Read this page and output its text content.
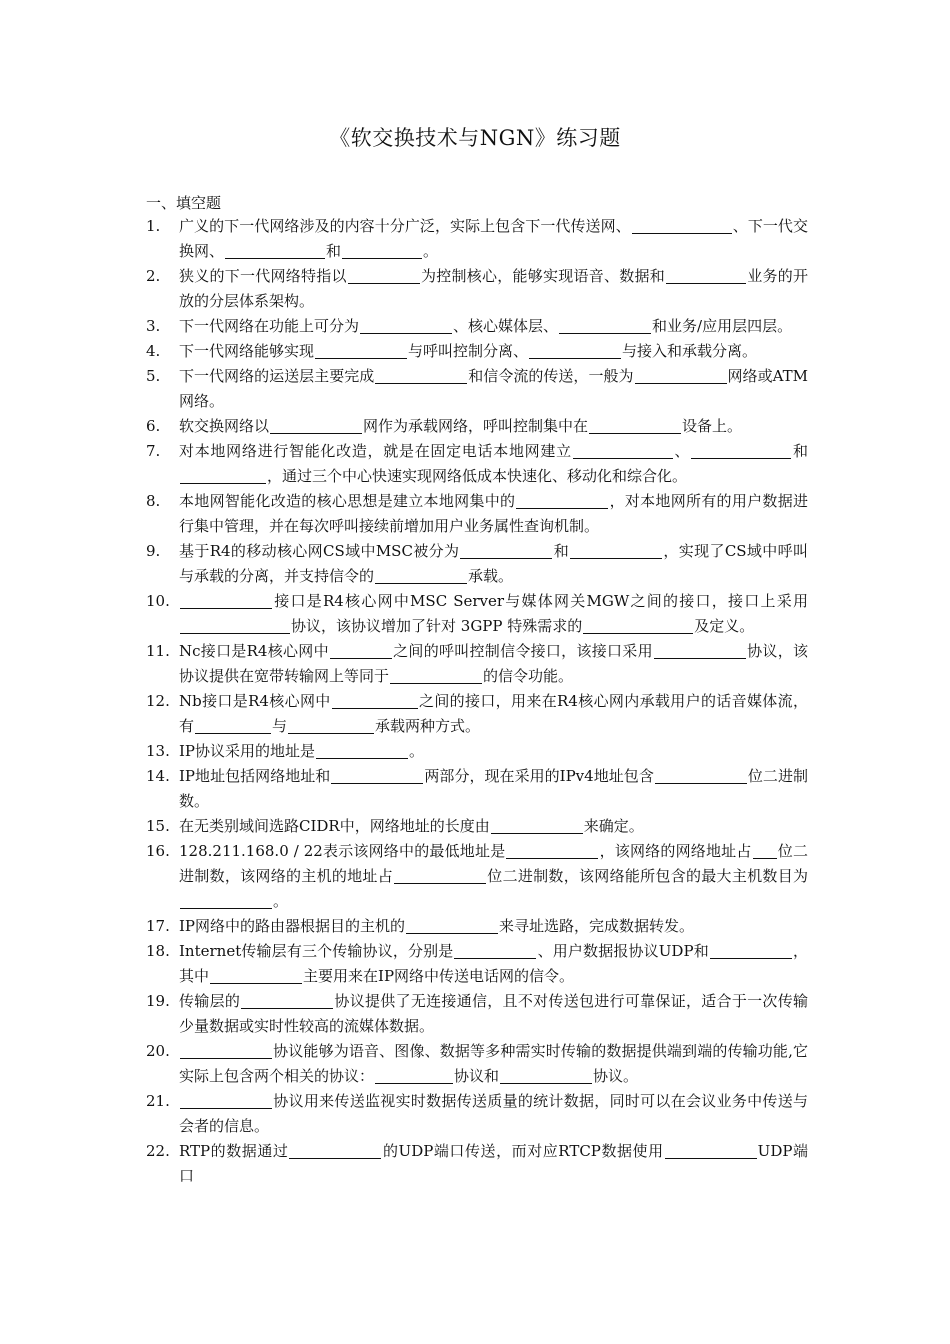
《软交换技术与NGN》练习题
一、填空题
1. 广义的下一代网络涉及的内容十分广泛，实际上包含下一代传送网、	、下一代交换网、	和	。
2. 狭义的下一代网络特指以	为控制核心，能够实现语音、数据和	业务的开放的分层体系架构。
3. 下一代网络在功能上可分为	、核心媒体层、	和业务/应用层四层。
4. 下一代网络能够实现	与呼叫控制分离、	与接入和承载分离。
5. 下一代网络的运送层主要完成	和信令流的传送，一般为	网络或ATM网络。
6. 软交换网络以	网作为承载网络，呼叫控制集中在	设备上。
7. 对本地网络进行智能化改造，就是在固定电话本地网建立	、	和，通过三个中心快速实现网络低成本快速化、移动化和综合化。
8. 本地网智能化改造的核心思想是建立本地网集中的	，对本地网所有的用户数据进行集中管理，并在每次呼叫接续前增加用户业务属性查询机制。
9. 基于R4的移动核心网CS域中MSC被分为	和	，实现了CS域中呼叫与承载的分离，并支持信令的	承载。
10.	接口是R4核心网中MSC Server与媒体网关MGW之间的接口，接口上采用协议，该协议增加了针对 3GPP 特殊需求的	及定义。
11. Nc接口是R4核心网中	之间的呼叫控制信令接口，该接口采用	协议，该协议提供在宽带转输网上等同于	的信令功能。
12. Nb接口是R4核心网中	之间的接口，用来在R4核心网内承载用户的话音媒体流，有	与	承载两种方式。
13. IP协议采用的地址是	。
14. IP地址包括网络地址和	两部分，现在采用的IPv4地址包含	位二进制数。
15. 在无类别域间选路CIDR中，网络地址的长度由	来确定。
16. 128.211.168.0 / 22表示该网络中的最低地址是	，该网络的网络地址占 位二进制数，该网络的主机的地址占	位二进制数，该网络能所包含的最大主机数目为。
17. IP网络中的路由器根据目的主机的	来寻址选路，完成数据转发。
18. Internet传输层有三个传输协议，分别是	、用户数据报协议UDP和	，其中	主要用来在IP网络中传送电话网的信令。
19. 传输层的	协议提供了无连接通信，且不对传送包进行可靠保证，适合于一次传输少量数据或实时性较高的流媒体数据。
20.	协议能够为语音、图像、数据等多种需实时传输的数据提供端到端的传输功能,它实际上包含两个相关的协议：	协议和	协议。
21.	协议用来传送监视实时数据传送质量的统计数据，同时可以在会议业务中传送与会者的信息。
22. RTP的数据通过	的UDP端口传送，而对应RTCP数据使用	UDP端口
